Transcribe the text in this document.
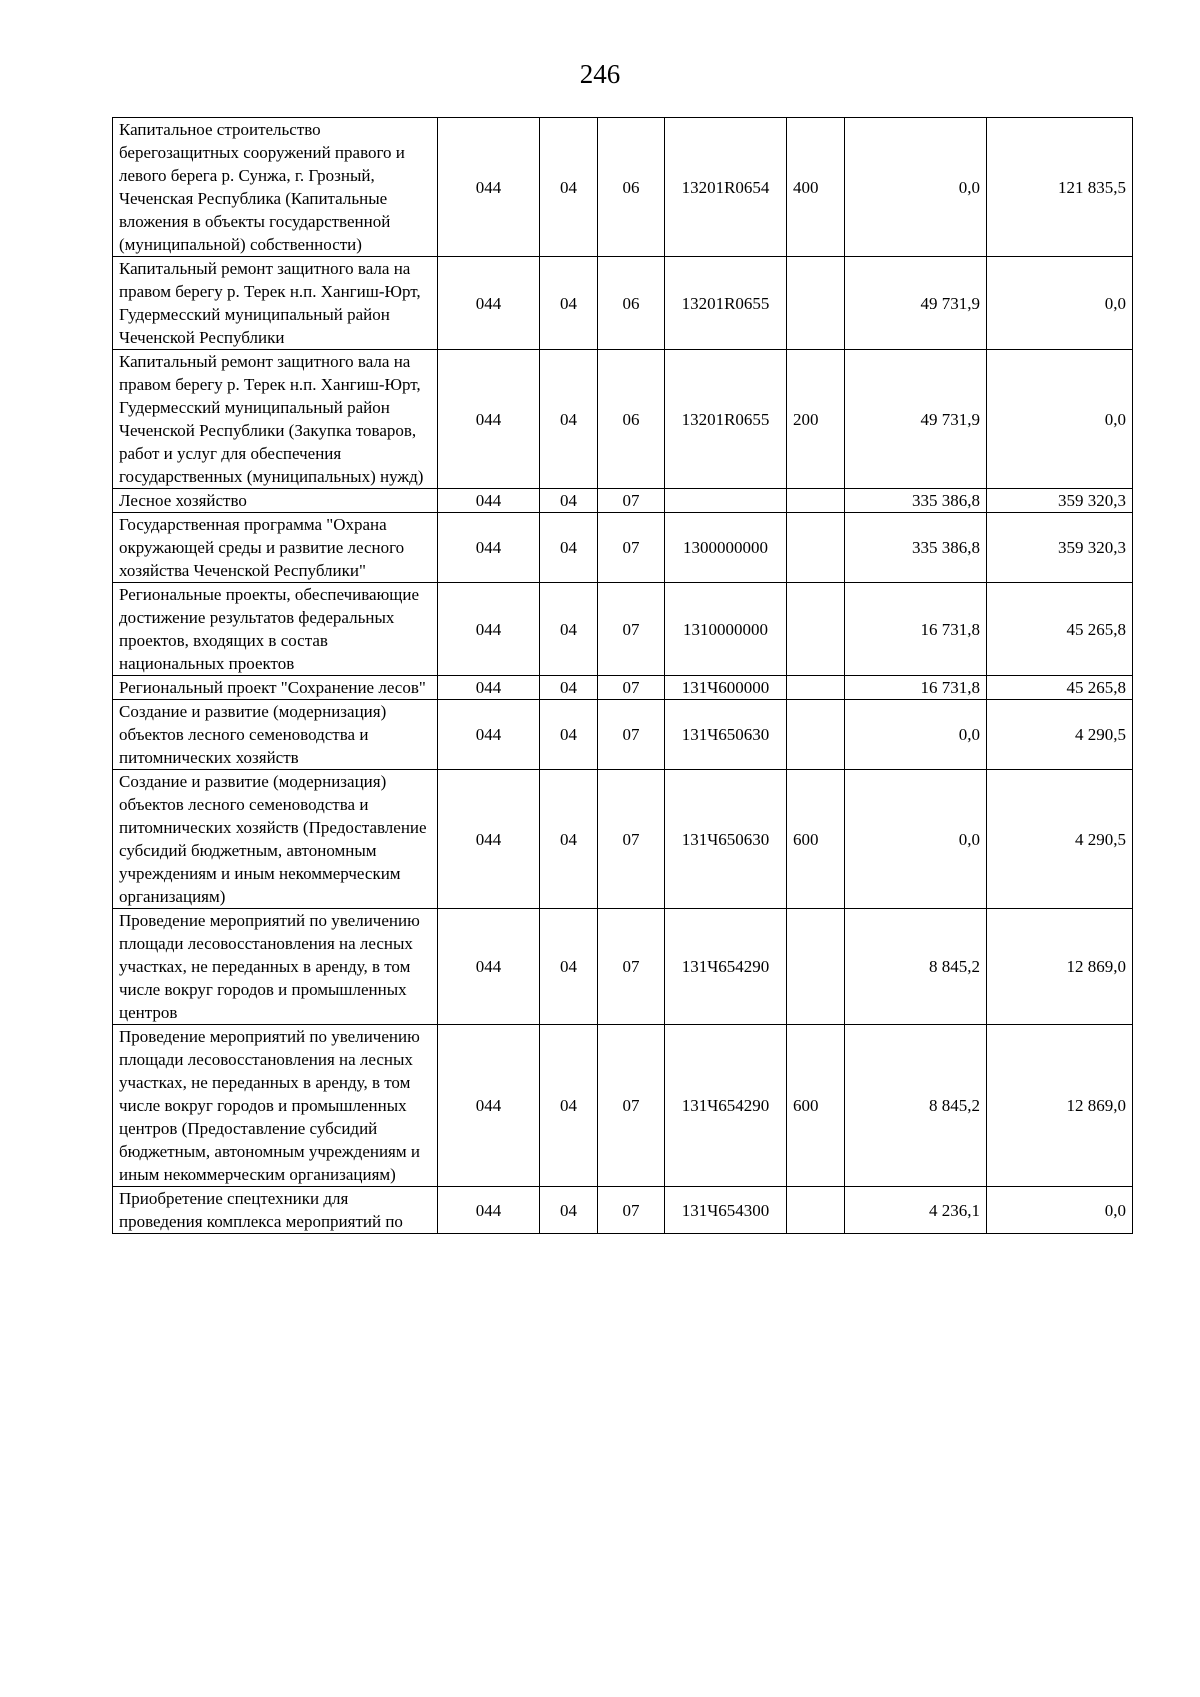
246
Капитальное строительство берегозащитных сооружений правого и левого берега р. Сунжа, г. Грозный, Чеченская Республика (Капитальные вложения в объекты государственной (муниципальной) собственности)	044	04	06	13201R0654	400	0,0	121 835,5
Капитальный ремонт защитного вала на правом берегу р. Терек н.п. Хангиш-Юрт, Гудермесский муниципальный район Чеченской Республики	044	04	06	13201R0655		49 731,9	0,0
Капитальный ремонт защитного вала на правом берегу р. Терек н.п. Хангиш-Юрт, Гудермесский муниципальный район Чеченской Республики (Закупка товаров, работ и услуг для обеспечения государственных (муниципальных) нужд)	044	04	06	13201R0655	200	49 731,9	0,0
Лесное хозяйство	044	04	07			335 386,8	359 320,3
Государственная программа "Охрана окружающей среды и развитие лесного хозяйства Чеченской Республики"	044	04	07	1300000000		335 386,8	359 320,3
Региональные проекты, обеспечивающие достижение результатов федеральных проектов, входящих в состав национальных проектов	044	04	07	1310000000		16 731,8	45 265,8
Региональный проект "Сохранение лесов"	044	04	07	131Ч600000		16 731,8	45 265,8
Создание и развитие (модернизация) объектов лесного семеноводства и питомнических хозяйств	044	04	07	131Ч650630		0,0	4 290,5
Создание и развитие (модернизация) объектов лесного семеноводства и питомнических хозяйств (Предоставление субсидий бюджетным, автономным учреждениям и иным некоммерческим организациям)	044	04	07	131Ч650630	600	0,0	4 290,5
Проведение мероприятий по увеличению площади лесовосстановления на лесных участках, не переданных в аренду, в том числе вокруг городов и промышленных центров	044	04	07	131Ч654290		8 845,2	12 869,0
Проведение мероприятий по увеличению площади лесовосстановления на лесных участках, не переданных в аренду, в том числе вокруг городов и промышленных центров (Предоставление субсидий бюджетным, автономным учреждениям и иным некоммерческим организациям)	044	04	07	131Ч654290	600	8 845,2	12 869,0
Приобретение спецтехники для проведения комплекса мероприятий по	044	04	07	131Ч654300		4 236,1	0,0
